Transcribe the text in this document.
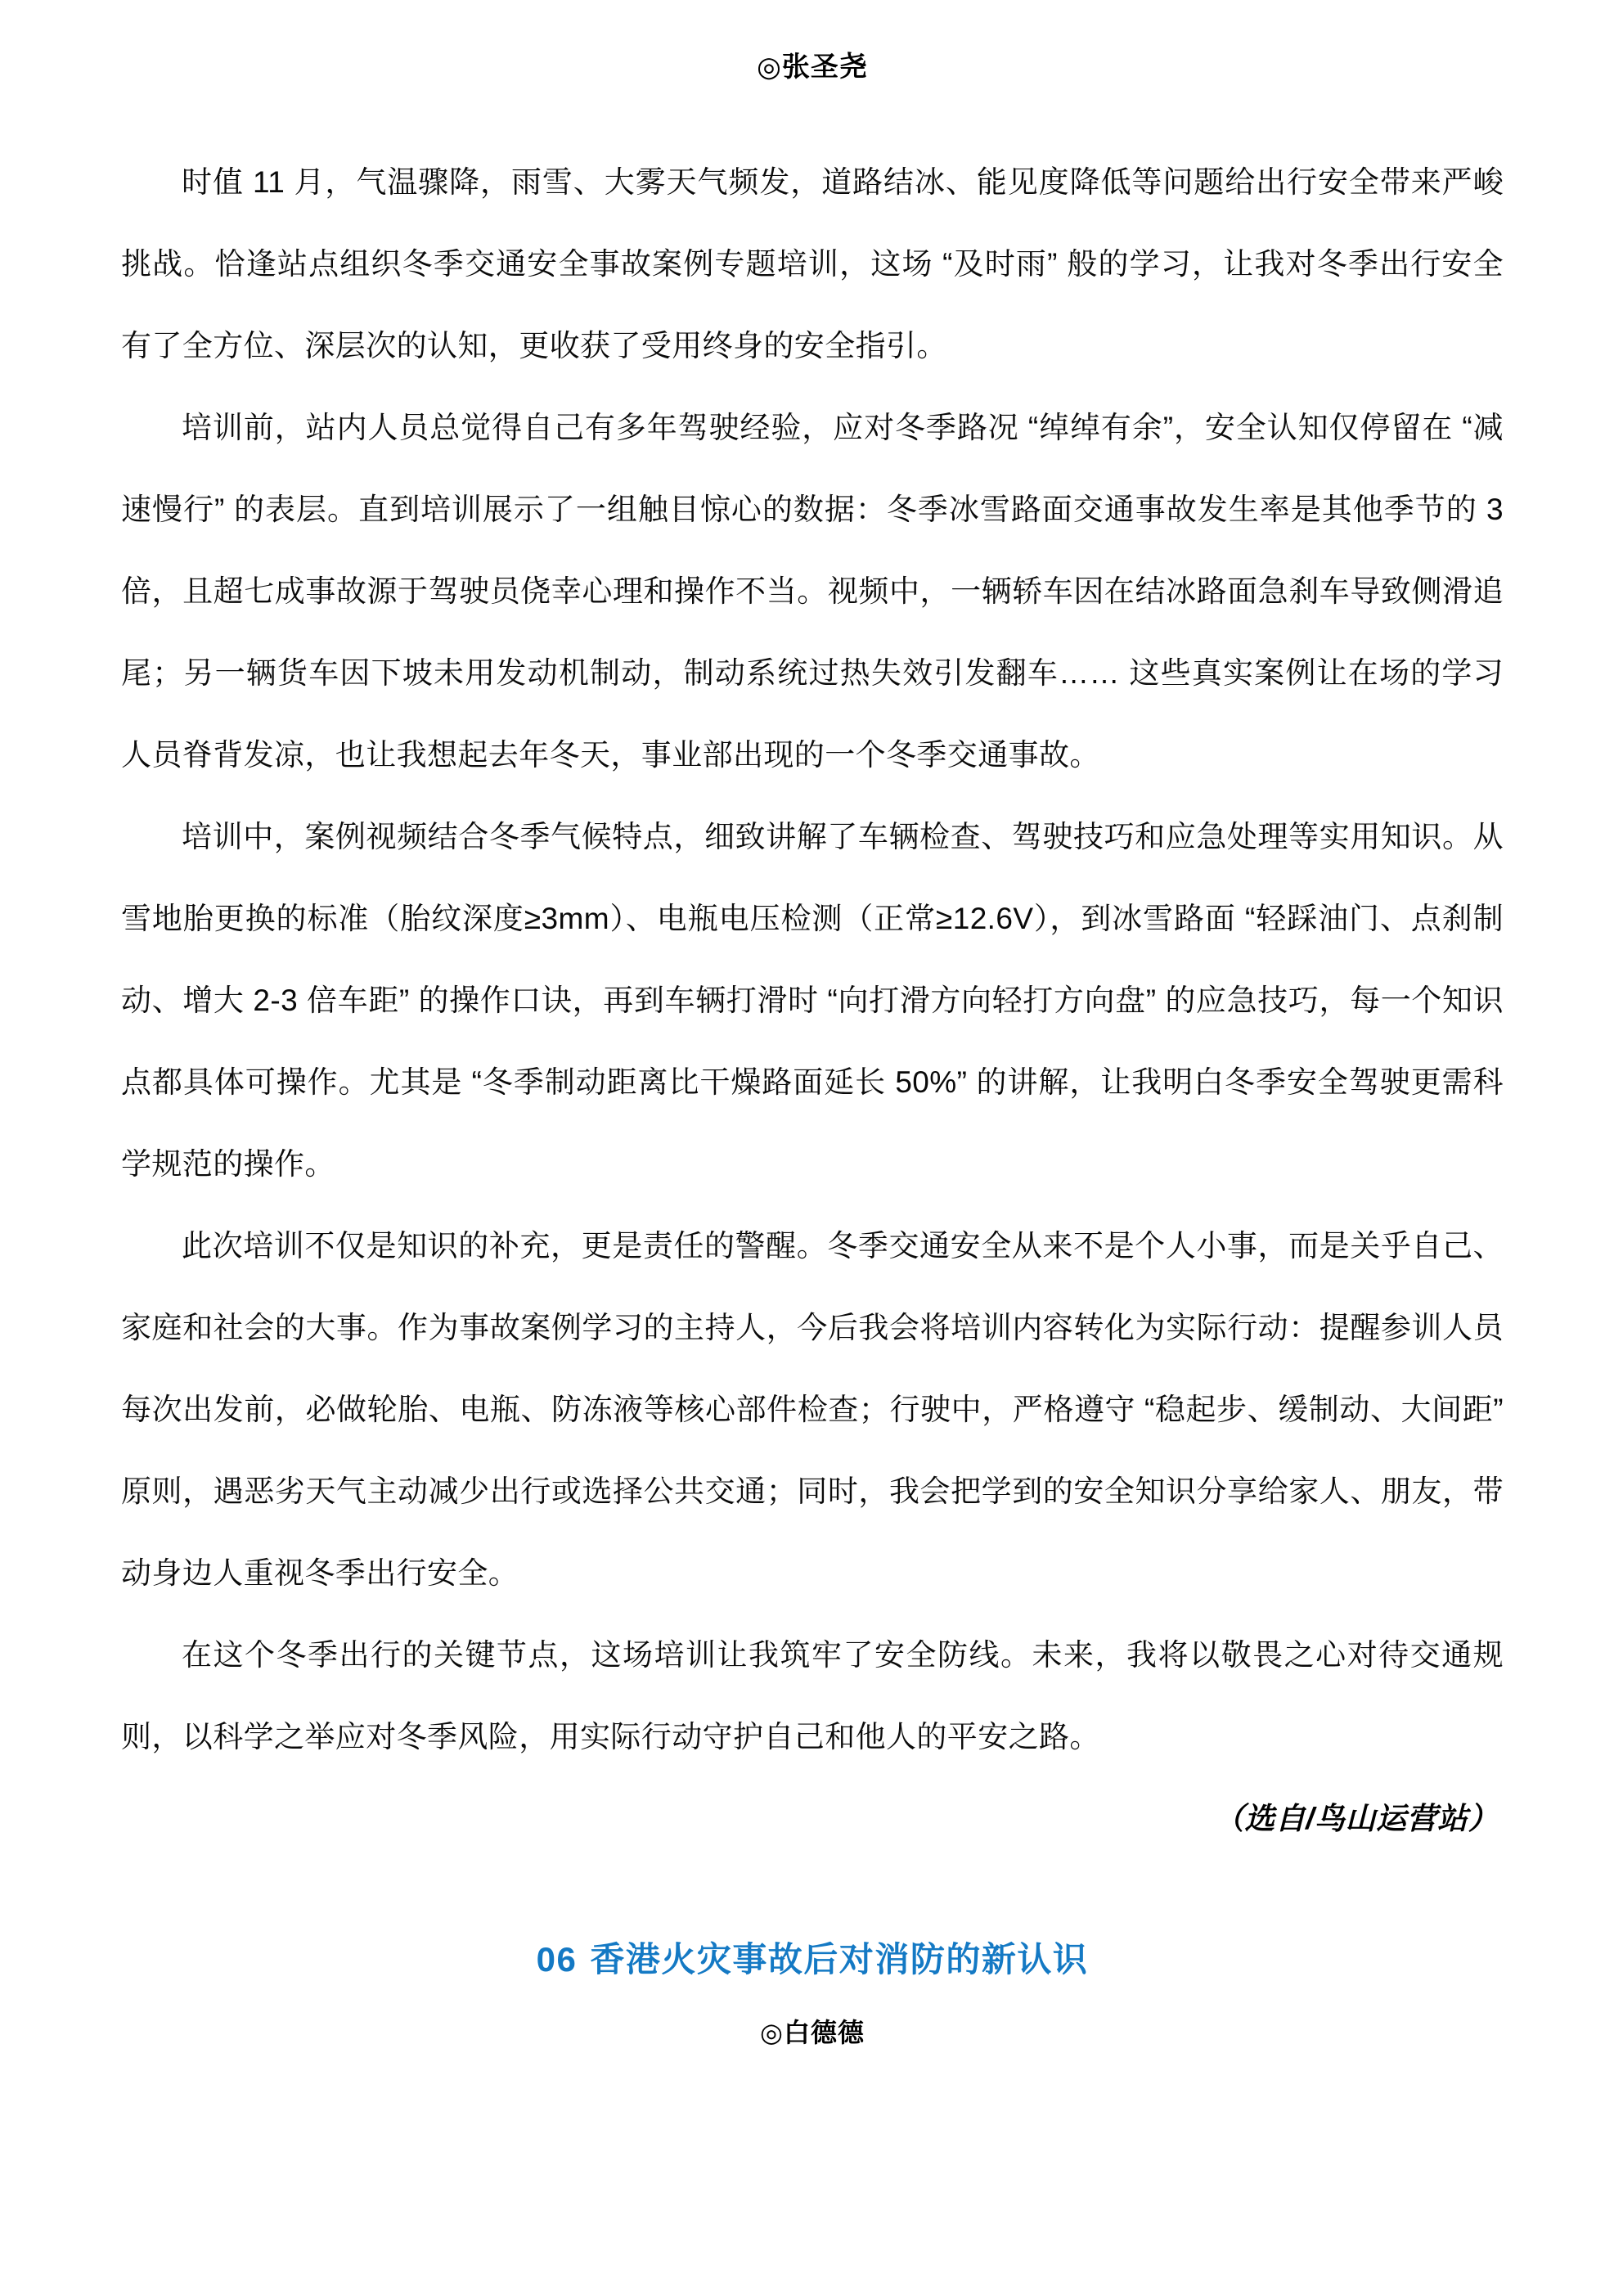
◎张圣尧

时值 11 月，气温骤降，雨雪、大雾天气频发，道路结冰、能见度降低等问题给出行安全带来严峻挑战。恰逢站点组织冬季交通安全事故案例专题培训，这场 “及时雨” 般的学习，让我对冬季出行安全有了全方位、深层次的认知，更收获了受用终身的安全指引。

培训前，站内人员总觉得自己有多年驾驶经验，应对冬季路况 “绰绰有余”，安全认知仅停留在 “减速慢行” 的表层。直到培训展示了一组触目惊心的数据：冬季冰雪路面交通事故发生率是其他季节的 3 倍，且超七成事故源于驾驶员侥幸心理和操作不当。视频中，一辆轿车因在结冰路面急刹车导致侧滑追尾；另一辆货车因下坡未用发动机制动，制动系统过热失效引发翻车…… 这些真实案例让在场的学习人员脊背发凉，也让我想起去年冬天，事业部出现的一个冬季交通事故。

培训中，案例视频结合冬季气候特点，细致讲解了车辆检查、驾驶技巧和应急处理等实用知识。从雪地胎更换的标准（胎纹深度≥3mm）、电瓶电压检测（正常≥12.6V），到冰雪路面 “轻踩油门、点刹制动、增大 2-3 倍车距” 的操作口诀，再到车辆打滑时 “向打滑方向轻打方向盘” 的应急技巧，每一个知识点都具体可操作。尤其是 “冬季制动距离比干燥路面延长 50%” 的讲解，让我明白冬季安全驾驶更需科学规范的操作。

此次培训不仅是知识的补充，更是责任的警醒。冬季交通安全从来不是个人小事，而是关乎自己、家庭和社会的大事。作为事故案例学习的主持人，今后我会将培训内容转化为实际行动：提醒参训人员每次出发前，必做轮胎、电瓶、防冻液等核心部件检查；行驶中，严格遵守 “稳起步、缓制动、大间距” 原则，遇恶劣天气主动减少出行或选择公共交通；同时，我会把学到的安全知识分享给家人、朋友，带动身边人重视冬季出行安全。

在这个冬季出行的关键节点，这场培训让我筑牢了安全防线。未来，我将以敬畏之心对待交通规则，以科学之举应对冬季风险，用实际行动守护自己和他人的平安之路。

（选自/鸟山运营站）
06 香港火灾事故后对消防的新认识
◎白德德
